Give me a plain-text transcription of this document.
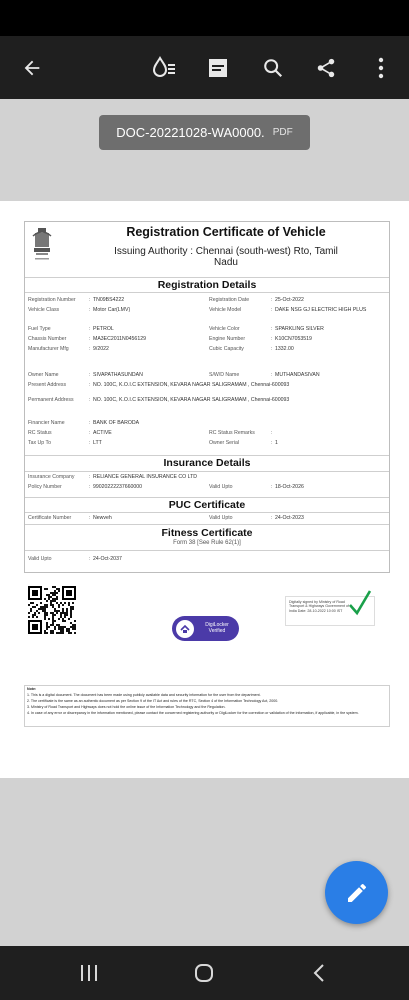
DOC-20221028-WA0000. PDF
Registration Certificate of Vehicle
Issuing Authority : Chennai (south-west) Rto, Tamil
Nadu
Registration Details
Registration Number	: TN09BS4222	Registration Date	: 25-Oct-2022
Vehicle Class	: Motor Car(LMV)	Vehicle Model	: DAKE NSG GJ ELECTRIC HIGH PLUS
Fuel Type	: PETROL	Vehicle Color	: SPARKLING SILVER
Chassis Number	: MA3EC2011N0456129	Engine Number	: K10CN7053519
Manufacturer Mfg	: 9/2022	Cubic Capacity	: 1332.00
Owner Name	: SIVAPATHASUNDAN	S/W/D Name	: MUTHANDASIVAN
Present Address	: NO. 100C, K.O.I.C EXTENSION, KEVARA NAGAR SALIGRAMAM , Chennai-600093
Permanent Address	: NO. 100C, K.O.I.C EXTENSION, KEVARA NAGAR SALIGRAMAM , Chennai-600093
Financier Name	: BANK OF BARODA
RC Status	: ACTIVE	RC Status Remarks	:
Tax Up To	: LTT	Owner Serial	: 1
Insurance Details
Insurance Company	: RELIANCE GENERAL INSURANCE CO LTD
Policy Number	: 99020222237660000	Valid Upto	: 18-Oct-2026
PUC Certificate
Certificate Number	: Newveh	Valid Upto	: 24-Oct-2023
Fitness Certificate
Form 38 [See Rule 62(1)]
Valid Upto	: 24-Oct-2037
DigiLocker
Verified
Digitally signed by Ministry of Road Transport & Highways Government of India Date: 28-10-2022 10:00 IST
Note:
1. This is a digital document. The document has been made using publicly available data and security information for the user from the department.
2. The certificate is the same as an authentic document as per Section 9 of the IT Act and rules of the RTC, Section 4 of the Information Technology Act, 2000.
3. Ministry of Road Transport and Highways does not hold the online issue of the Information Technology and the Regulation.
4. In case of any error or discrepancy in the information mentioned, please contact the concerned registering authority or DigiLocker for the correction or validation of the information, if applicable, in the system.
